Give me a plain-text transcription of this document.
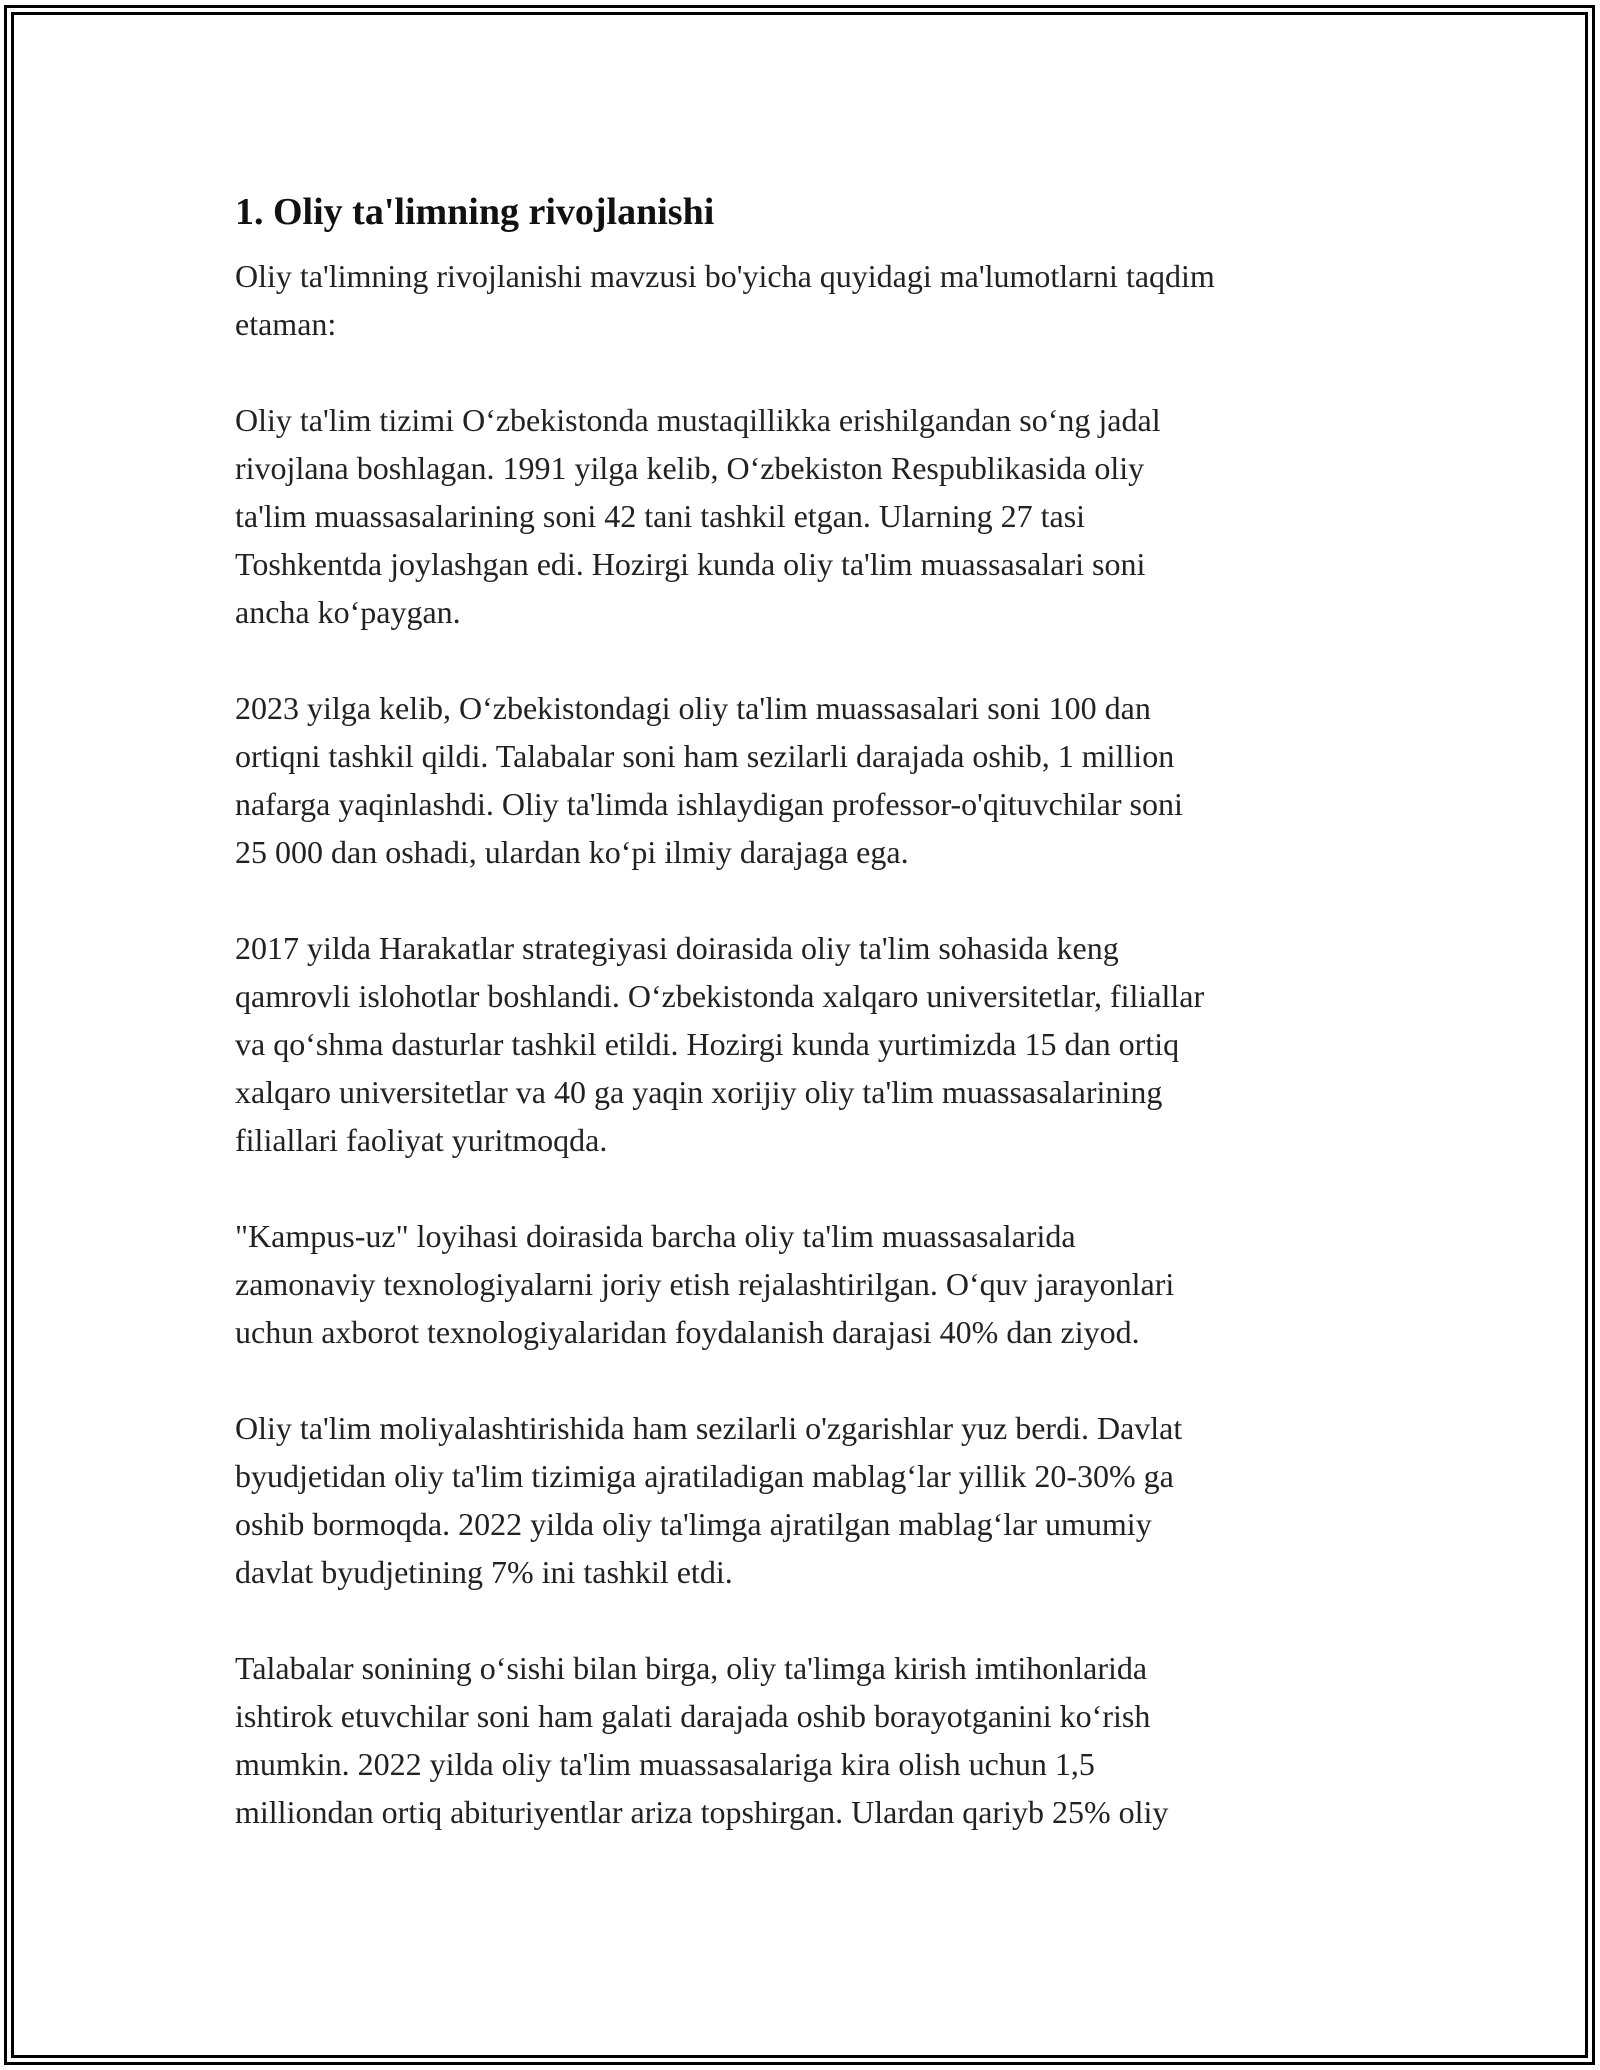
1. Oliy ta'limning rivojlanishi

Oliy ta'limning rivojlanishi mavzusi bo'yicha quyidagi ma'lumotlarni taqdim
etaman:

Oliy ta'lim tizimi O‘zbekistonda mustaqillikka erishilgandan so‘ng jadal
rivojlana boshlagan. 1991 yilga kelib, O‘zbekiston Respublikasida oliy
ta'lim muassasalarining soni 42 tani tashkil etgan. Ularning 27 tasi
Toshkentda joylashgan edi. Hozirgi kunda oliy ta'lim muassasalari soni
ancha ko‘paygan.

2023 yilga kelib, O‘zbekistondagi oliy ta'lim muassasalari soni 100 dan
ortiqni tashkil qildi. Talabalar soni ham sezilarli darajada oshib, 1 million
nafarga yaqinlashdi. Oliy ta'limda ishlaydigan professor-o'qituvchilar soni
25 000 dan oshadi, ulardan ko‘pi ilmiy darajaga ega.

2017 yilda Harakatlar strategiyasi doirasida oliy ta'lim sohasida keng
qamrovli islohotlar boshlandi. O‘zbekistonda xalqaro universitetlar, filiallar
va qo‘shma dasturlar tashkil etildi. Hozirgi kunda yurtimizda 15 dan ortiq
xalqaro universitetlar va 40 ga yaqin xorijiy oliy ta'lim muassasalarining
filiallari faoliyat yuritmoqda.

"Kampus-uz" loyihasi doirasida barcha oliy ta'lim muassasalarida
zamonaviy texnologiyalarni joriy etish rejalashtirilgan. O‘quv jarayonlari
uchun axborot texnologiyalaridan foydalanish darajasi 40% dan ziyod.

Oliy ta'lim moliyalashtirishida ham sezilarli o'zgarishlar yuz berdi. Davlat
byudjetidan oliy ta'lim tizimiga ajratiladigan mablag‘lar yillik 20-30% ga
oshib bormoqda. 2022 yilda oliy ta'limga ajratilgan mablag‘lar umumiy
davlat byudjetining 7% ini tashkil etdi.

Talabalar sonining o‘sishi bilan birga, oliy ta'limga kirish imtihonlarida
ishtirok etuvchilar soni ham galati darajada oshib borayotganini ko‘rish
mumkin. 2022 yilda oliy ta'lim muassasalariga kira olish uchun 1,5
milliondan ortiq abituriyentlar ariza topshirgan. Ulardan qariyb 25% oliy
